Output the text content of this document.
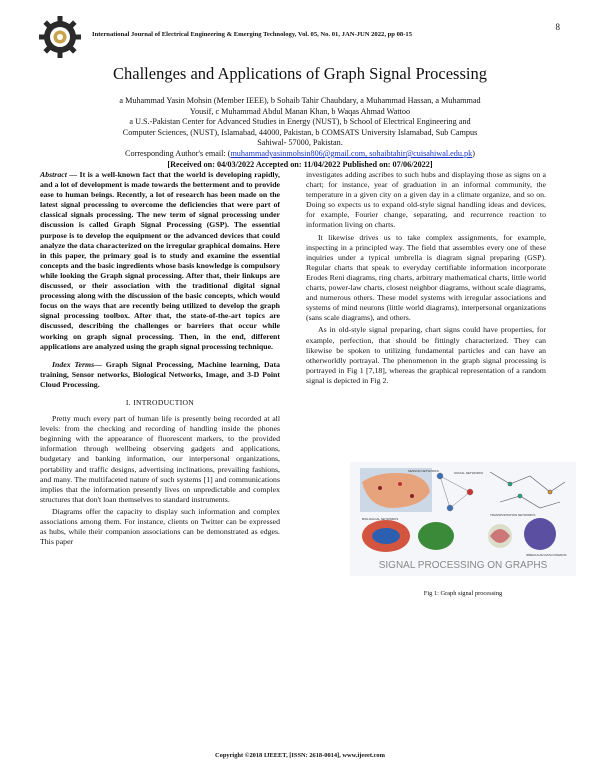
8
International Journal of Electrical Engineering & Emerging Technology, Vol. 05, No. 01, JAN-JUN 2022, pp 08-15
Challenges and Applications of Graph Signal Processing
a Muhammad Yasin Mohsin (Member IEEE), b Sohaib Tahir Chauhdary, a Muhammad Hassan, a Muhammad
Yousif, c Muhammad Abdul Manan Khan, b Waqas Ahmad Wattoo
a U.S.-Pakistan Center for Advanced Studies in Energy (NUST), b School of Electrical Engineering and
Computer Sciences, (NUST), Islamabad, 44000, Pakistan, b COMSATS University Islamabad, Sub Campus
Sahiwal- 57000, Pakistan.
Corresponding Author's email: (muhammadyasinmohsin806@gmail.com, sohaibtahir@cuisahiwal.edu.pk)
[Received on: 04/03/2022 Accepted on: 11/04/2022 Published on: 07/06/2022]

Abstract — It is a well-known fact that the world is developing rapidly, and a lot of development is made towards the betterment and to provide ease to human beings. Recently, a lot of research has been made on the latest signal processing to overcome the deficiencies that were part of classical signals processing. The new term of signal processing under discussion is called Graph Signal Processing (GSP). The essential purpose is to develop the equipment or the advanced devices that could analyze the data characterized on the irregular graphical domains. Here in this paper, the primary goal is to study and examine the essential concepts and the basic ingredients whose basis knowledge is compulsory while looking the Graph signal processing. After that, their linkups are discussed, or their association with the traditional digital signal processing along with the discussion of the basic concepts, which would focus on the ways that are recently being utilized to develop the graph signal processing toolbox. After that, the state-of-the-art topics are discussed, describing the challenges or barriers that occur while working on graph signal processing. Then, in the end, different applications are analyzed using the graph signal processing technique.

Index Terms— Graph Signal Processing, Machine learning, Data training, Sensor networks, Biological Networks, Image, and 3-D Point Cloud Processing.

I. INTRODUCTION

Pretty much every part of human life is presently being recorded at all levels: from the checking and recording of handling inside the phones beginning with the appearance of fluorescent markers, to the provided information through wellbeing observing gadgets and applications, budgetary and banking information, our interpersonal organizations, portability and traffic designs, advertising inclinations, prevailing fashions, and many. The multifaceted nature of such systems [1] and communications implies that the information presently lives on unpredictable and complex structures that don't loan themselves to standard instruments.

Diagrams offer the capacity to display such information and complex associations among them. For instance, clients on Twitter can be expressed as hubs, while their companion associations can be demonstrated as edges. This paper

investigates adding ascribes to such hubs and displaying those as signs on a chart; for instance, year of graduation in an informal community, the temperature in a given city on a given day in a climate organize, and so on. Doing so expects us to expand old-style signal handling ideas and devices, for example, Fourier change, separating, and recurrence reaction to information living on charts.

It likewise drives us to take complex assignments, for example, inspecting in a principled way. The field that assembles every one of these inquiries under a typical umbrella is diagram signal preparing (GSP). Regular charts that speak to everyday certifiable information incorporate Erodes Reni diagrams, ring charts, arbitrary mathematical charts, little world charts, power-law charts, closest neighbor diagrams, without scale diagrams, and numerous others. These model systems with irregular associations and systems of mind neurons (little world diagrams), interpersonal organizations (sans scale diagrams), and others.

As in old-style signal preparing, chart signs could have properties, for example, perfection, that should be fittingly characterized. They can likewise be spoken to utilizing fundamental particles and can have an otherworldly portrayal. The phenomenon in the graph signal processing is portrayed in Fig 1 [7,18], whereas the graphical representation of a random signal is depicted in Fig 2.

SIGNAL PROCESSING ON GRAPHS
SENSOR NETWORKS	SOCIAL NETWORKS
BIOLOGICAL NETWORKS
TRANSPORTATION NETWORKS
IRREGULAR DATA DOMAINS
Fig 1: Graph signal processing
Copyright ©2018 IJEEET, [ISSN: 2618-0014], www.ijeeet.com
